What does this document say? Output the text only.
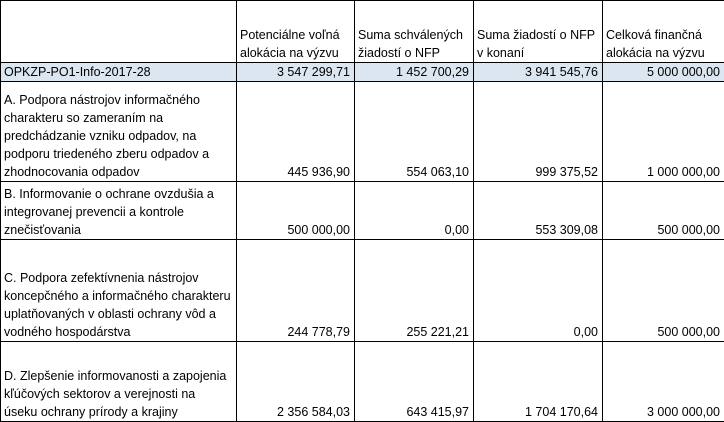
	Potenciálne voľná alokácia na výzvu	Suma schválených žiadostí o NFP	Suma žiadostí o NFP v konaní	Celková finančná alokácia na výzvu
OPKZP-PO1-Info-2017-28	3 547 299,71	1 452 700,29	3 941 545,76	5 000 000,00
A. Podpora nástrojov informačného charakteru so zameraním na predchádzanie vzniku odpadov, na podporu triedeného zberu odpadov a zhodnocovania odpadov	445 936,90	554 063,10	999 375,52	1 000 000,00
B. Informovanie o ochrane ovzdušia a integrovanej prevencii a kontrole znečisťovania	500 000,00	0,00	553 309,08	500 000,00
C. Podpora zefektívnenia nástrojov koncepčného a informačného charakteru uplatňovaných v oblasti ochrany vôd a vodného hospodárstva	244 778,79	255 221,21	0,00	500 000,00
D. Zlepšenie informovanosti a zapojenia kľúčových sektorov a verejnosti na úseku ochrany prírody a krajiny	2 356 584,03	643 415,97	1 704 170,64	3 000 000,00
